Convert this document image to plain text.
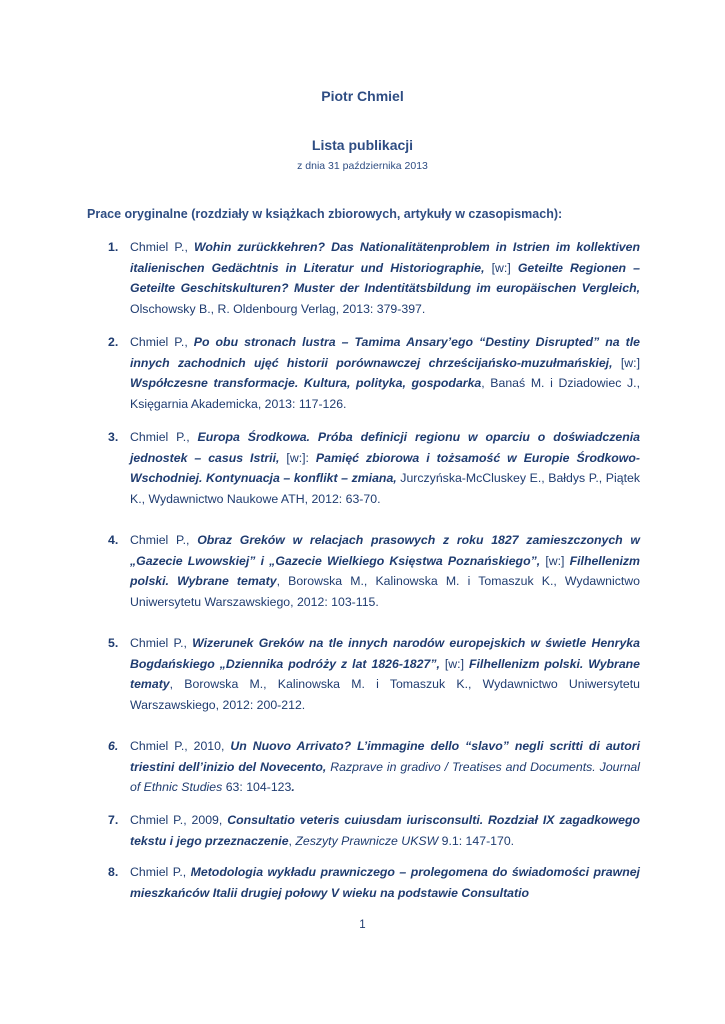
Piotr Chmiel
Lista publikacji
z dnia 31 października 2013
Prace oryginalne (rozdziały w książkach zbiorowych, artykuły w czasopismach):
1. Chmiel P., Wohin zurückkehren? Das Nationalitätenproblem in Istrien im kollektiven italienischen Gedächtnis in Literatur und Historiographie, [w:] Geteilte Regionen – Geteilte Geschitskulturen? Muster der Indentitätsbildung im europäischen Vergleich, Olschowsky B., R. Oldenbourg Verlag, 2013: 379-397.
2. Chmiel P., Po obu stronach lustra – Tamima Ansary’ego “Destiny Disrupted” na tle innych zachodnich ujęć historii porównawczej chrześcijańsko-muzułmańskiej, [w:] Współczesne transformacje. Kultura, polityka, gospodarka, Banaś M. i Dziadowiec J., Księgarnia Akademicka, 2013: 117-126.
3. Chmiel P., Europa Środkowa. Próba definicji regionu w oparciu o doświadczenia jednostek – casus Istrii, [w:]: Pamięć zbiorowa i tożsamość w Europie Środkowo-Wschodniej. Kontynuacja – konflikt – zmiana, Jurczyńska-McCluskey E., Bałdys P., Piątek K., Wydawnictwo Naukowe ATH, 2012: 63-70.
4. Chmiel P., Obraz Greków w relacjach prasowych z roku 1827 zamieszczonych w „Gazecie Lwowskiej” i „Gazecie Wielkiego Księstwa Poznańskiego”, [w:] Filhellenizm polski. Wybrane tematy, Borowska M., Kalinowska M. i Tomaszuk K., Wydawnictwo Uniwersytetu Warszawskiego, 2012: 103-115.
5. Chmiel P., Wizerunek Greków na tle innych narodów europejskich w świetle Henryka Bogdańskiego „Dziennika podróży z lat 1826-1827”, [w:] Filhellenizm polski. Wybrane tematy, Borowska M., Kalinowska M. i Tomaszuk K., Wydawnictwo Uniwersytetu Warszawskiego, 2012: 200-212.
6. Chmiel P., 2010, Un Nuovo Arrivato? L’immagine dello “slavo” negli scritti di autori triestini dell’inizio del Novecento, Razprave in gradivo / Treatises and Documents. Journal of Ethnic Studies 63: 104-123.
7. Chmiel P., 2009, Consultatio veteris cuiusdam iurisconsulti. Rozdział IX zagadkowego tekstu i jego przeznaczenie, Zeszyty Prawnicze UKSW 9.1: 147-170.
8. Chmiel P., Metodologia wykładu prawniczego – prolegomena do świadomości prawnej mieszkańców Italii drugiej połowy V wieku na podstawie Consultatio
1
